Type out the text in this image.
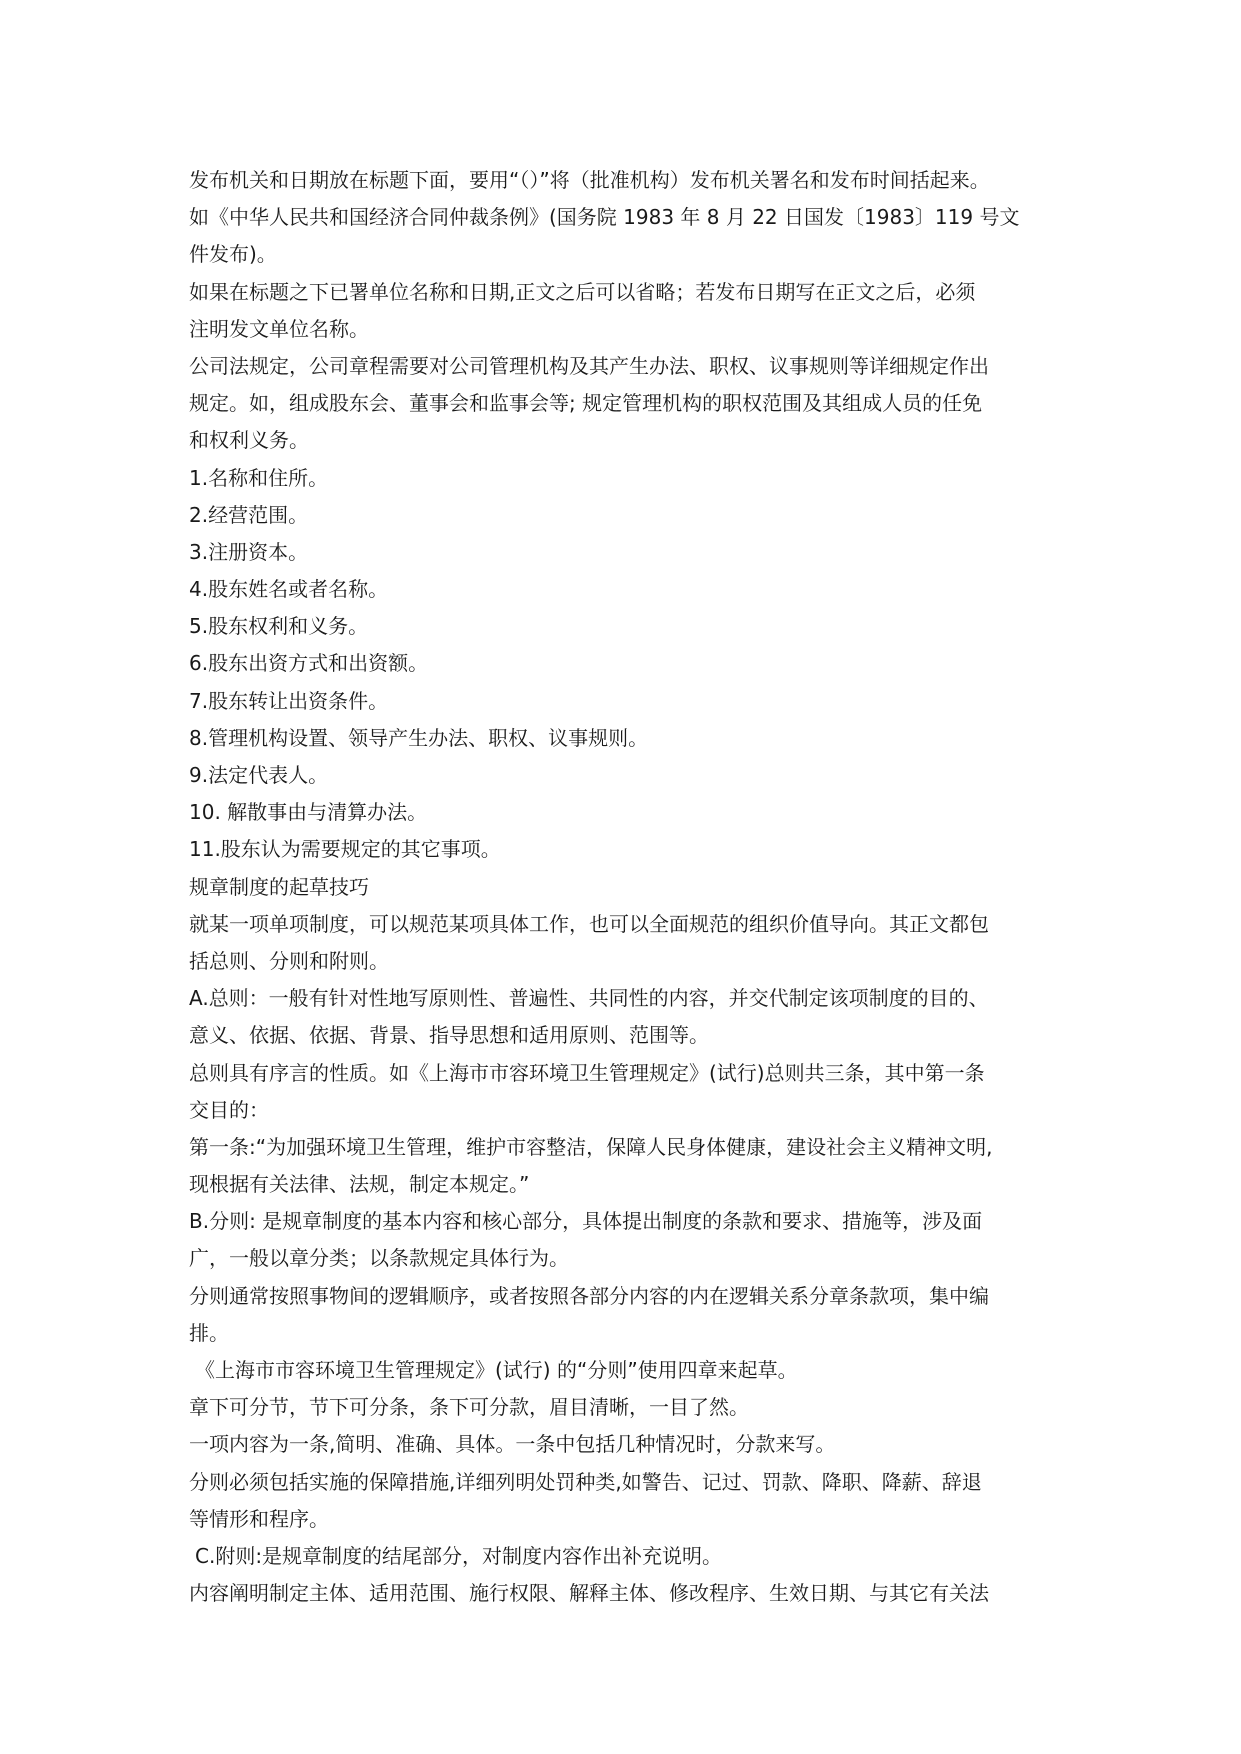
发布机关和日期放在标题下面，要用“（）”将（批准机构）发布机关署名和发布时间括起来。
如《中华人民共和国经济合同仲裁条例》(国务院 1983 年 8 月 22 日国发〔1983〕119 号文
件发布)。
如果在标题之下已署单位名称和日期,正文之后可以省略；若发布日期写在正文之后，必须
注明发文单位名称。
公司法规定，公司章程需要对公司管理机构及其产生办法、职权、议事规则等详细规定作出
规定。如，组成股东会、董事会和监事会等; 规定管理机构的职权范围及其组成人员的任免
和权利义务。
1.名称和住所。
2.经营范围。
3.注册资本。
4.股东姓名或者名称。
5.股东权利和义务。
6.股东出资方式和出资额。
7.股东转让出资条件。
8.管理机构设置、领导产生办法、职权、议事规则。
9.法定代表人。
10. 解散事由与清算办法。
11.股东认为需要规定的其它事项。
规章制度的起草技巧
就某一项单项制度，可以规范某项具体工作，也可以全面规范的组织价值导向。其正文都包
括总则、分则和附则。
A.总则：一般有针对性地写原则性、普遍性、共同性的内容，并交代制定该项制度的目的、
意义、依据、依据、背景、指导思想和适用原则、范围等。
总则具有序言的性质。如《上海市市容环境卫生管理规定》(试行)总则共三条，其中第一条
交目的：
第一条:“为加强环境卫生管理，维护市容整洁，保障人民身体健康，建设社会主义精神文明,
现根据有关法律、法规，制定本规定。”
B.分则: 是规章制度的基本内容和核心部分，具体提出制度的条款和要求、措施等，涉及面
广，一般以章分类；以条款规定具体行为。
分则通常按照事物间的逻辑顺序，或者按照各部分内容的内在逻辑关系分章条款项，集中编
排。
《上海市市容环境卫生管理规定》(试行) 的“分则”使用四章来起草。
章下可分节，节下可分条，条下可分款，眉目清晰，一目了然。
一项内容为一条,简明、准确、具体。一条中包括几种情况时，分款来写。
分则必须包括实施的保障措施,详细列明处罚种类,如警告、记过、罚款、降职、降薪、辞退
等情形和程序。
C.附则:是规章制度的结尾部分，对制度内容作出补充说明。
内容阐明制定主体、适用范围、施行权限、解释主体、修改程序、生效日期、与其它有关法
